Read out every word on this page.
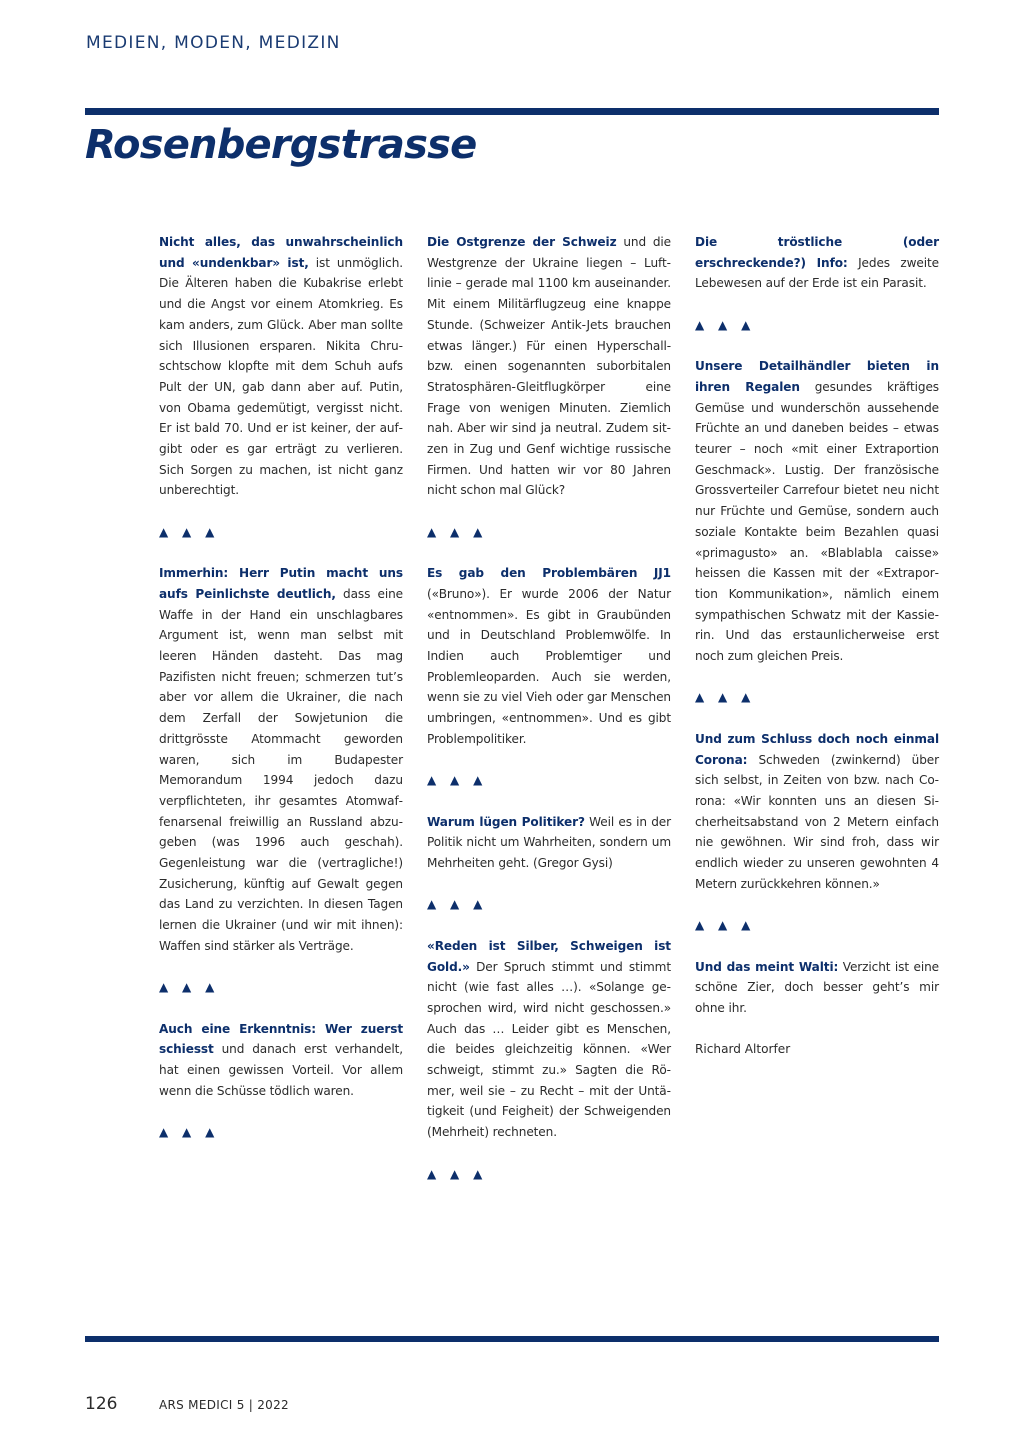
MEDIEN, MODEN, MEDIZIN
Rosenbergstrasse

Nicht alles, das unwahrscheinlich und «undenkbar» ist, ist unmöglich. Die Älteren haben die Kubakrise erlebt und die Angst vor einem Atomkrieg. Es kam anders, zum Glück. Aber man sollte sich Illusionen ersparen. Nikita Chruschtschow klopfte mit dem Schuh aufs Pult der UN, gab dann aber auf. Putin, von Obama gedemütigt, vergisst nicht. Er ist bald 70. Und er ist keiner, der aufgibt oder es gar erträgt zu verlieren. Sich Sorgen zu machen, ist nicht ganz unberechtigt.

▲ ▲ ▲

Immerhin: Herr Putin macht uns aufs Peinlichste deutlich, dass eine Waffe in der Hand ein unschlagbares Argument ist, wenn man selbst mit leeren Händen dasteht. Das mag Pazifisten nicht freuen; schmerzen tut’s aber vor allem die Ukrainer, die nach dem Zerfall der Sowjetunion die drittgrösste Atommacht geworden waren, sich im Budapester Memorandum 1994 jedoch dazu verpflichteten, ihr gesamtes Atomwaffenarsenal freiwillig an Russland abzugeben (was 1996 auch geschah). Gegenleistung war die (vertragliche!) Zusicherung, künftig auf Gewalt gegen das Land zu verzichten. In diesen Tagen lernen die Ukrainer (und wir mit ihnen): Waffen sind stärker als Verträge.

▲ ▲ ▲

Auch eine Erkenntnis: Wer zuerst schiesst und danach erst verhandelt, hat einen gewissen Vorteil. Vor allem wenn die Schüsse tödlich waren.

▲ ▲ ▲

Die Ostgrenze der Schweiz und die Westgrenze der Ukraine liegen – Luftlinie – gerade mal 1100 km auseinander. Mit einem Militärflugzeug eine knappe Stunde. (Schweizer Antik-Jets brauchen etwas länger.) Für einen Hyperschall- bzw. einen sogenannten suborbitalen Stratosphären-Gleitflugkörper eine Frage von wenigen Minuten. Ziemlich nah. Aber wir sind ja neutral. Zudem sitzen in Zug und Genf wichtige russische Firmen. Und hatten wir vor 80 Jahren nicht schon mal Glück?

▲ ▲ ▲

Es gab den Problembären JJ1 («Bruno»). Er wurde 2006 der Natur «entnommen». Es gibt in Graubünden und in Deutschland Problemwölfe. In Indien auch Problemtiger und Problemleoparden. Auch sie werden, wenn sie zu viel Vieh oder gar Menschen umbringen, «entnommen». Und es gibt Problempolitiker.

▲ ▲ ▲

Warum lügen Politiker? Weil es in der Politik nicht um Wahrheiten, sondern um Mehrheiten geht. (Gregor Gysi)

▲ ▲ ▲

«Reden ist Silber, Schweigen ist Gold.» Der Spruch stimmt und stimmt nicht (wie fast alles …). «Solange gesprochen wird, wird nicht geschossen.» Auch das … Leider gibt es Menschen, die beides gleichzeitig können. «Wer schweigt, stimmt zu.» Sagten die Römer, weil sie – zu Recht – mit der Untätigkeit (und Feigheit) der Schweigenden (Mehrheit) rechneten.

▲ ▲ ▲

Die tröstliche (oder erschreckende?) Info: Jedes zweite Lebewesen auf der Erde ist ein Parasit.

▲ ▲ ▲

Unsere Detailhändler bieten in ihren Regalen gesundes kräftiges Gemüse und wunderschön aussehende Früchte an und daneben beides – etwas teurer – noch «mit einer Extraportion Geschmack». Lustig. Der französische Grossverteiler Carrefour bietet neu nicht nur Früchte und Gemüse, sondern auch soziale Kontakte beim Bezahlen quasi «primagusto» an. «Blablabla caisse» heissen die Kassen mit der «Extraportion Kommunikation», nämlich einem sympathischen Schwatz mit der Kassierin. Und das erstaunlicherweise erst noch zum gleichen Preis.

▲ ▲ ▲

Und zum Schluss doch noch einmal Corona: Schweden (zwinkernd) über sich selbst, in Zeiten von bzw. nach Corona: «Wir konnten uns an diesen Sicherheitsabstand von 2 Metern einfach nie gewöhnen. Wir sind froh, dass wir endlich wieder zu unseren gewohnten 4 Metern zurückkehren können.»

▲ ▲ ▲

Und das meint Walti: Verzicht ist eine schöne Zier, doch besser geht’s mir ohne ihr.

Richard Altorfer

126	ARS MEDICI 5 | 2022
